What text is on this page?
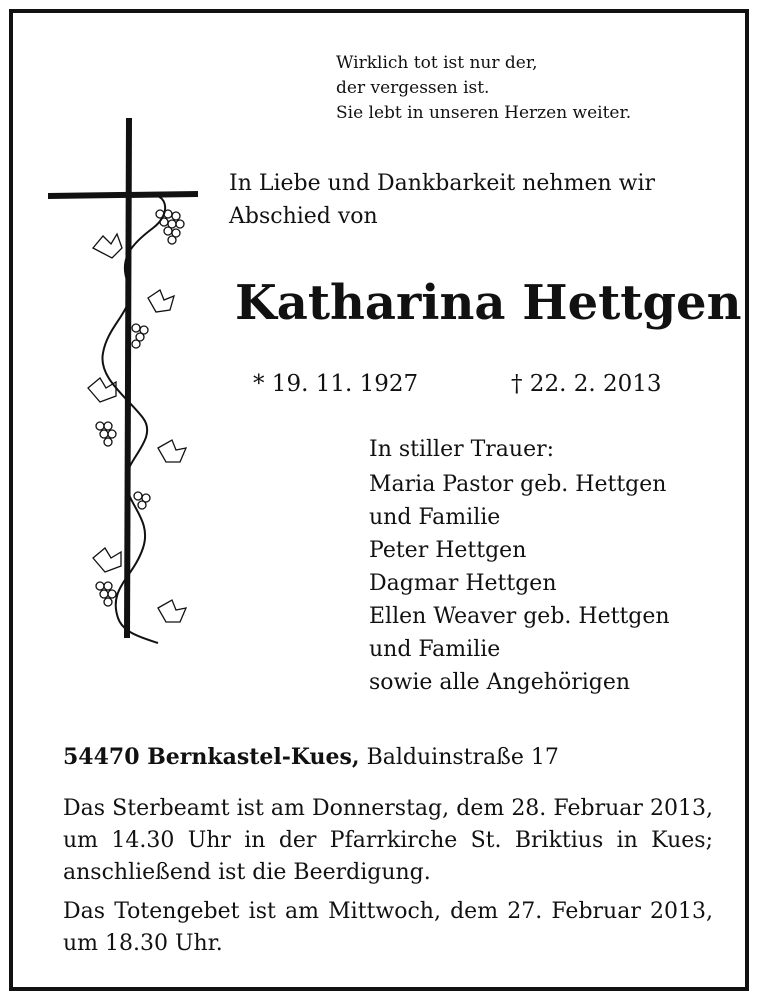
Wirklich tot ist nur der,
der vergessen ist.
Sie lebt in unseren Herzen weiter.
In Liebe und Dankbarkeit nehmen wir
Abschied von
Katharina Hettgen
* 19. 11. 1927	† 22. 2. 2013
In stiller Trauer:
Maria Pastor geb. Hettgen
und Familie
Peter Hettgen
Dagmar Hettgen
Ellen Weaver geb. Hettgen
und Familie
sowie alle Angehörigen
54470 Bernkastel-Kues, Balduinstraße 17
Das Sterbeamt ist am Donnerstag, dem 28. Februar 2013, um 14.30 Uhr in der Pfarrkirche St. Briktius in Kues; anschließend ist die Beerdigung.
Das Totengebet ist am Mittwoch, dem 27. Februar 2013, um 18.30 Uhr.
